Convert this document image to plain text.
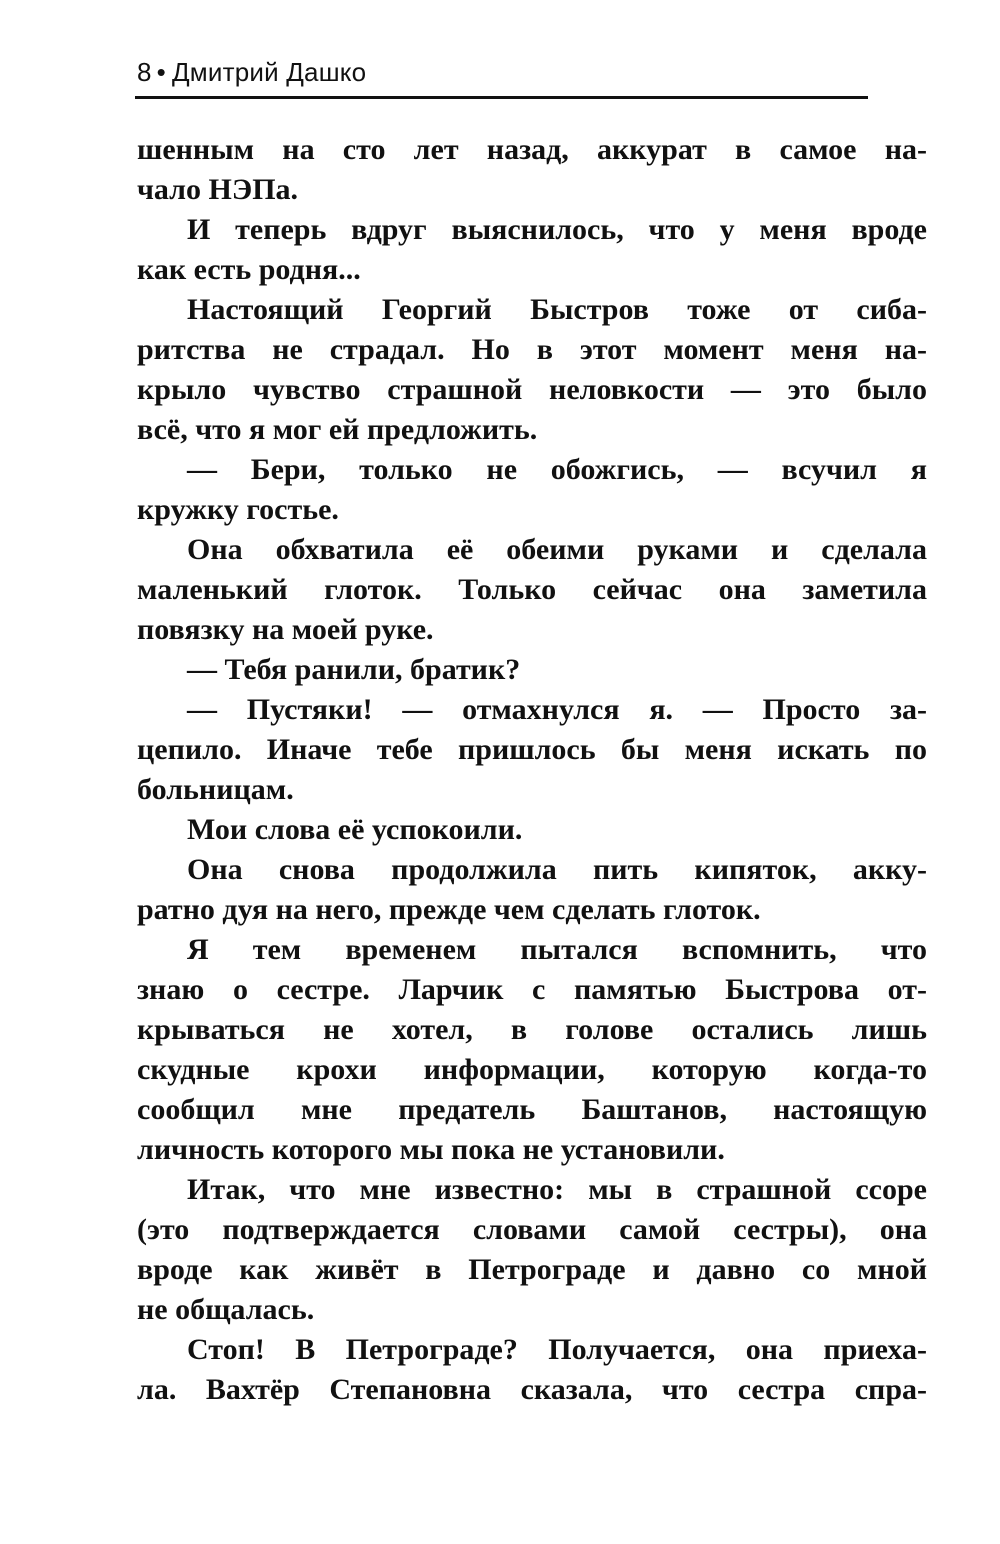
8 • Дмитрий Дашко
шенным на сто лет назад, аккурат в самое на-
чало НЭПа.
И теперь вдруг выяснилось, что у меня вроде
как есть родня...
Настоящий Георгий Быстров тоже от сиба-
ритства не страдал. Но в этот момент меня на-
крыло чувство страшной неловкости — это было
всё, что я мог ей предложить.
— Бери, только не обожгись, — всучил я
кружку гостье.
Она обхватила её обеими руками и сделала
маленький глоток. Только сейчас она заметила
повязку на моей руке.
— Тебя ранили, братик?
— Пустяки! — отмахнулся я. — Просто за-
цепило. Иначе тебе пришлось бы меня искать по
больницам.
Мои слова её успокоили.
Она снова продолжила пить кипяток, акку-
ратно дуя на него, прежде чем сделать глоток.
Я тем временем пытался вспомнить, что
знаю о сестре. Ларчик с памятью Быстрова от-
крываться не хотел, в голове остались лишь
скудные крохи информации, которую когда-то
сообщил мне предатель Баштанов, настоящую
личность которого мы пока не установили.
Итак, что мне известно: мы в страшной ссоре
(это подтверждается словами самой сестры), она
вроде как живёт в Петрограде и давно со мной
не общалась.
Стоп! В Петрограде? Получается, она приеха-
ла. Вахтёр Степановна сказала, что сестра спра-
